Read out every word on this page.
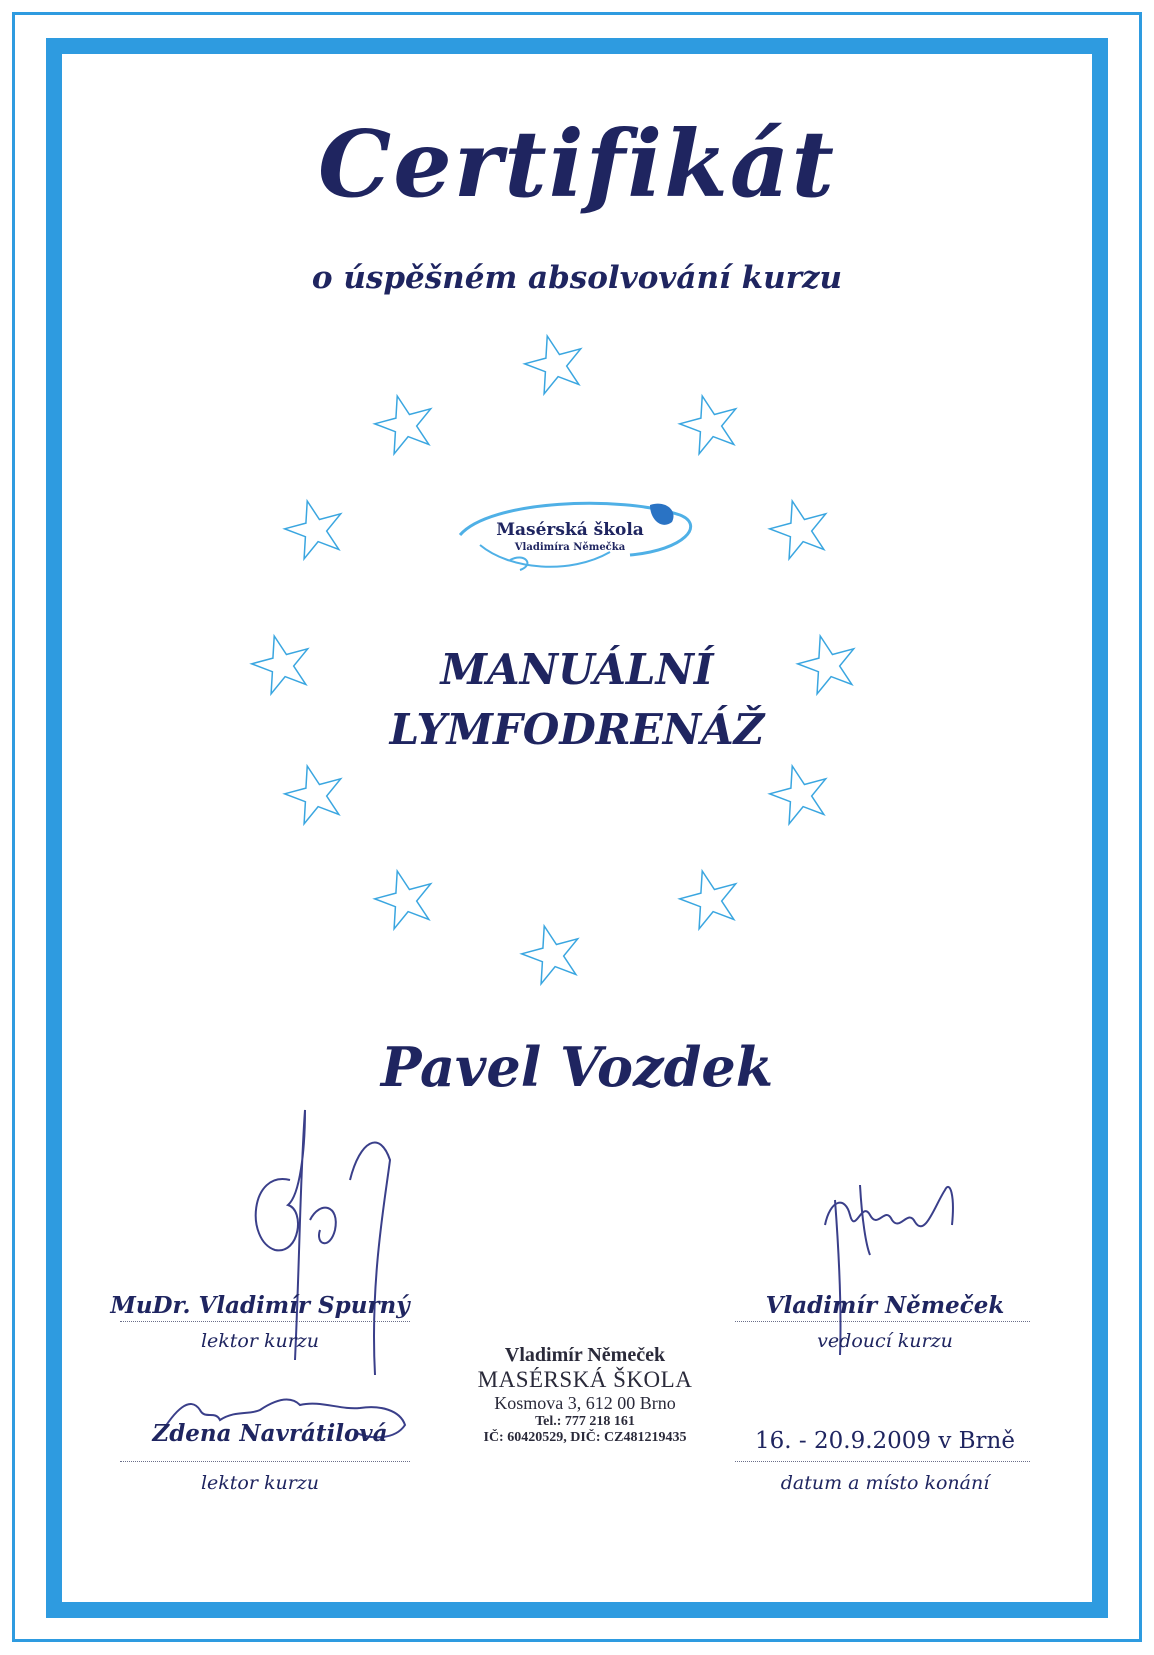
Certifikát
o úspěšném absolvování kurzu
Masérská škola
Vladimíra Němečka
MANUÁLNÍ
LYMFODRENÁŽ
Pavel Vozdek
MuDr. Vladimír Spurný
lektor kurzu
Zdena Navrátilová
lektor kurzu
Vladimír Němeček
vedoucí kurzu
16. - 20.9.2009 v Brně
datum a místo konání
Vladimír Němeček
MASÉRSKÁ ŠKOLA
Kosmova 3, 612 00 Brno
Tel.: 777 218 161
IČ: 60420529, DIČ: CZ481219435
